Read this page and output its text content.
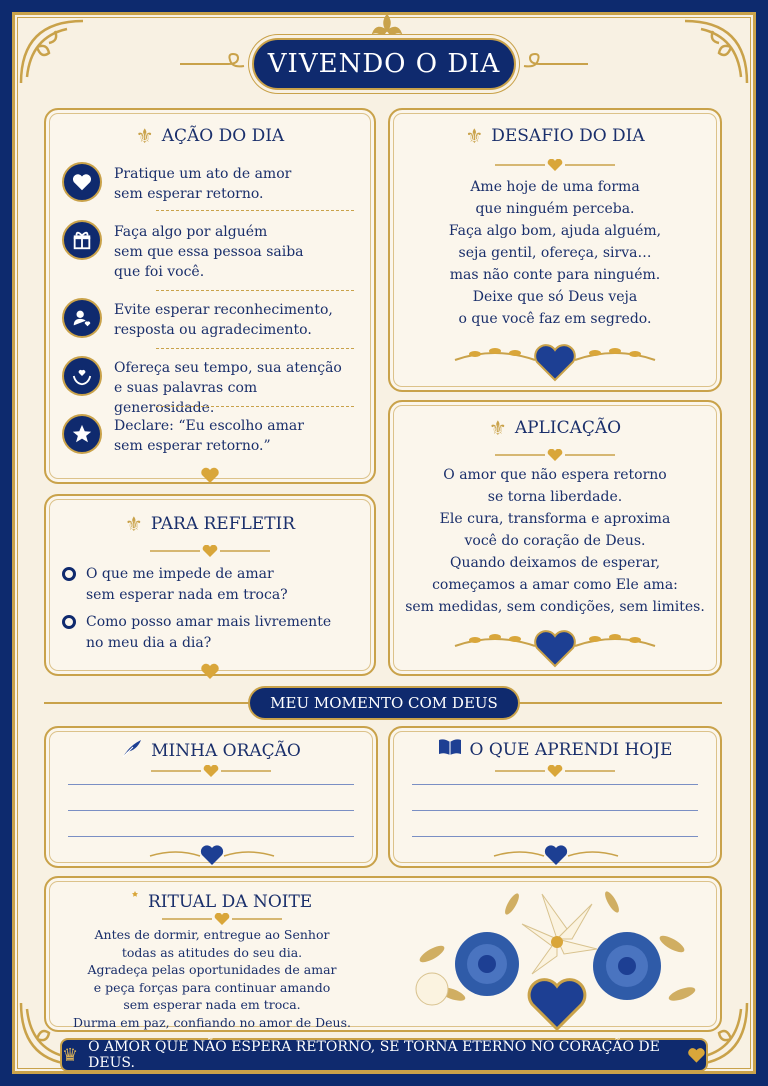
VIVENDO O DIA
⚜ AÇÃO DO DIA
Pratique um ato de amor
sem esperar retorno.
Faça algo por alguém
sem que essa pessoa saiba
que foi você.
Evite esperar reconhecimento,
resposta ou agradecimento.
Ofereça seu tempo, sua atenção
e suas palavras com generosidade.
Declare: “Eu escolho amar
sem esperar retorno.”
⚜ DESAFIO DO DIA
Ame hoje de uma forma
que ninguém perceba.
Faça algo bom, ajuda alguém,
seja gentil, ofereça, sirva…
mas não conte para ninguém.
Deixe que só Deus veja
o que você faz em segredo.
⚜ PARA REFLETIR
O que me impede de amar
sem esperar nada em troca?
Como posso amar mais livremente
no meu dia a dia?
⚜ APLICAÇÃO
O amor que não espera retorno
se torna liberdade.
Ele cura, transforma e aproxima
você do coração de Deus.
Quando deixamos de esperar,
começamos a amar como Ele ama:
sem medidas, sem condições, sem limites.
MEU MOMENTO COM DEUS
MINHA ORAÇÃO	O QUE APRENDI HOJE
RITUAL DA NOITE
Antes de dormir, entregue ao Senhor
todas as atitudes do seu dia.
Agradeça pelas oportunidades de amar
e peça forças para continuar amando
sem esperar nada em troca.
Durma em paz, confiando no amor de Deus.
♛ O AMOR QUE NÃO ESPERA RETORNO, SE TORNA ETERNO NO CORAÇÃO DE DEUS.
